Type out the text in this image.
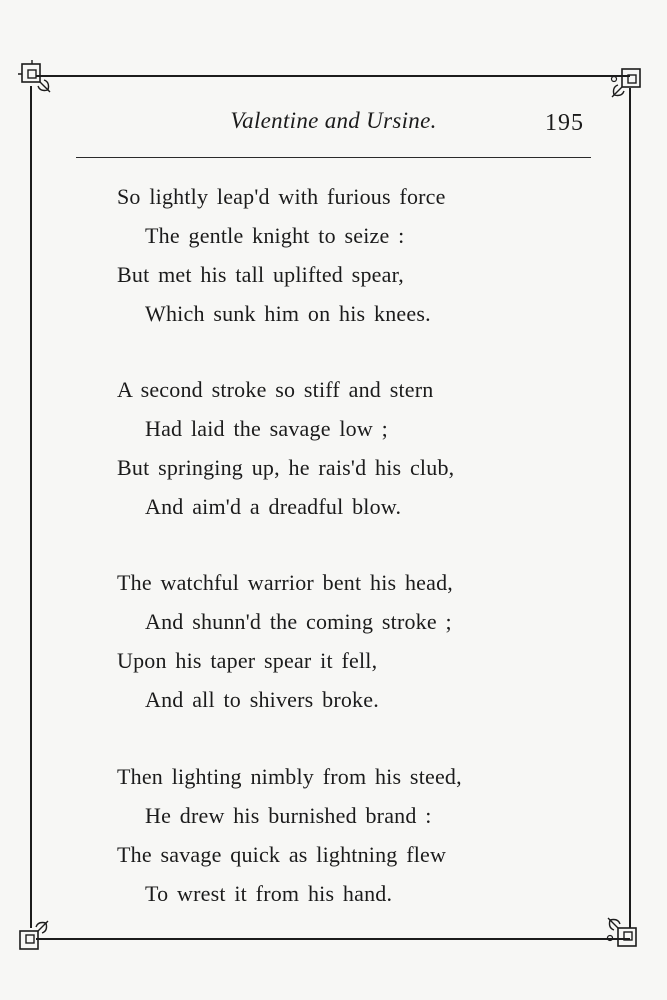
Valentine and Ursine.	195
So lightly leap'd with furious force
The gentle knight to seize :
But met his tall uplifted spear,
Which sunk him on his knees.
A second stroke so stiff and stern
Had laid the savage low ;
But springing up, he rais'd his club,
And aim'd a dreadful blow.
The watchful warrior bent his head,
And shunn'd the coming stroke ;
Upon his taper spear it fell,
And all to shivers broke.
Then lighting nimbly from his steed,
He drew his burnished brand :
The savage quick as lightning flew
To wrest it from his hand.
